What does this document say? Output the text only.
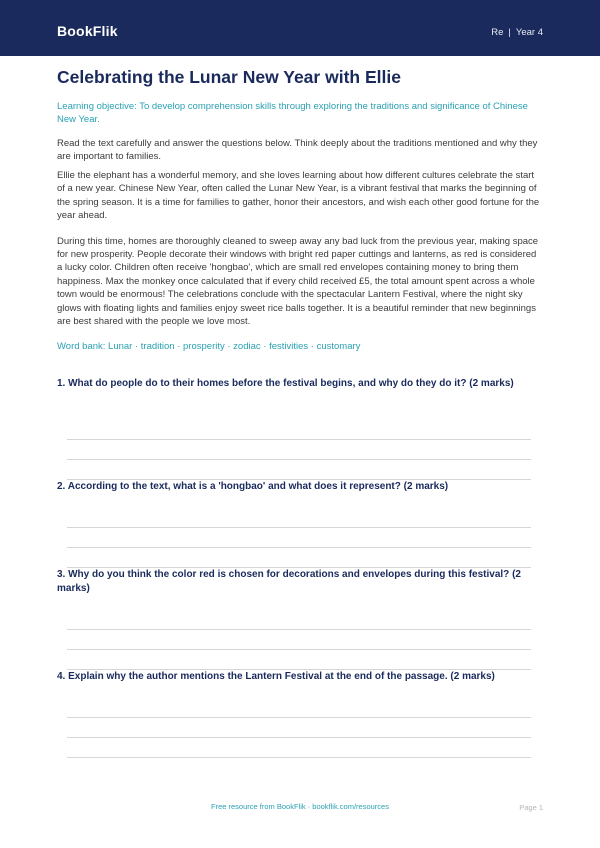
BookFlik	Re | Year 4
Celebrating the Lunar New Year with Ellie
Learning objective: To develop comprehension skills through exploring the traditions and significance of Chinese New Year.
Read the text carefully and answer the questions below. Think deeply about the traditions mentioned and why they are important to families.
Ellie the elephant has a wonderful memory, and she loves learning about how different cultures celebrate the start of a new year. Chinese New Year, often called the Lunar New Year, is a vibrant festival that marks the beginning of the spring season. It is a time for families to gather, honor their ancestors, and wish each other good fortune for the year ahead.
During this time, homes are thoroughly cleaned to sweep away any bad luck from the previous year, making space for new prosperity. People decorate their windows with bright red paper cuttings and lanterns, as red is considered a lucky color. Children often receive 'hongbao', which are small red envelopes containing money to bring them happiness. Max the monkey once calculated that if every child received £5, the total amount spent across a whole town would be enormous! The celebrations conclude with the spectacular Lantern Festival, where the night sky glows with floating lights and families enjoy sweet rice balls together. It is a beautiful reminder that new beginnings are best shared with the people we love most.
Word bank: Lunar · tradition · prosperity · zodiac · festivities · customary
1. What do people do to their homes before the festival begins, and why do they do it? (2 marks)
2. According to the text, what is a 'hongbao' and what does it represent? (2 marks)
3. Why do you think the color red is chosen for decorations and envelopes during this festival? (2 marks)
4. Explain why the author mentions the Lantern Festival at the end of the passage. (2 marks)
Free resource from BookFlik · bookflik.com/resources	Page 1
